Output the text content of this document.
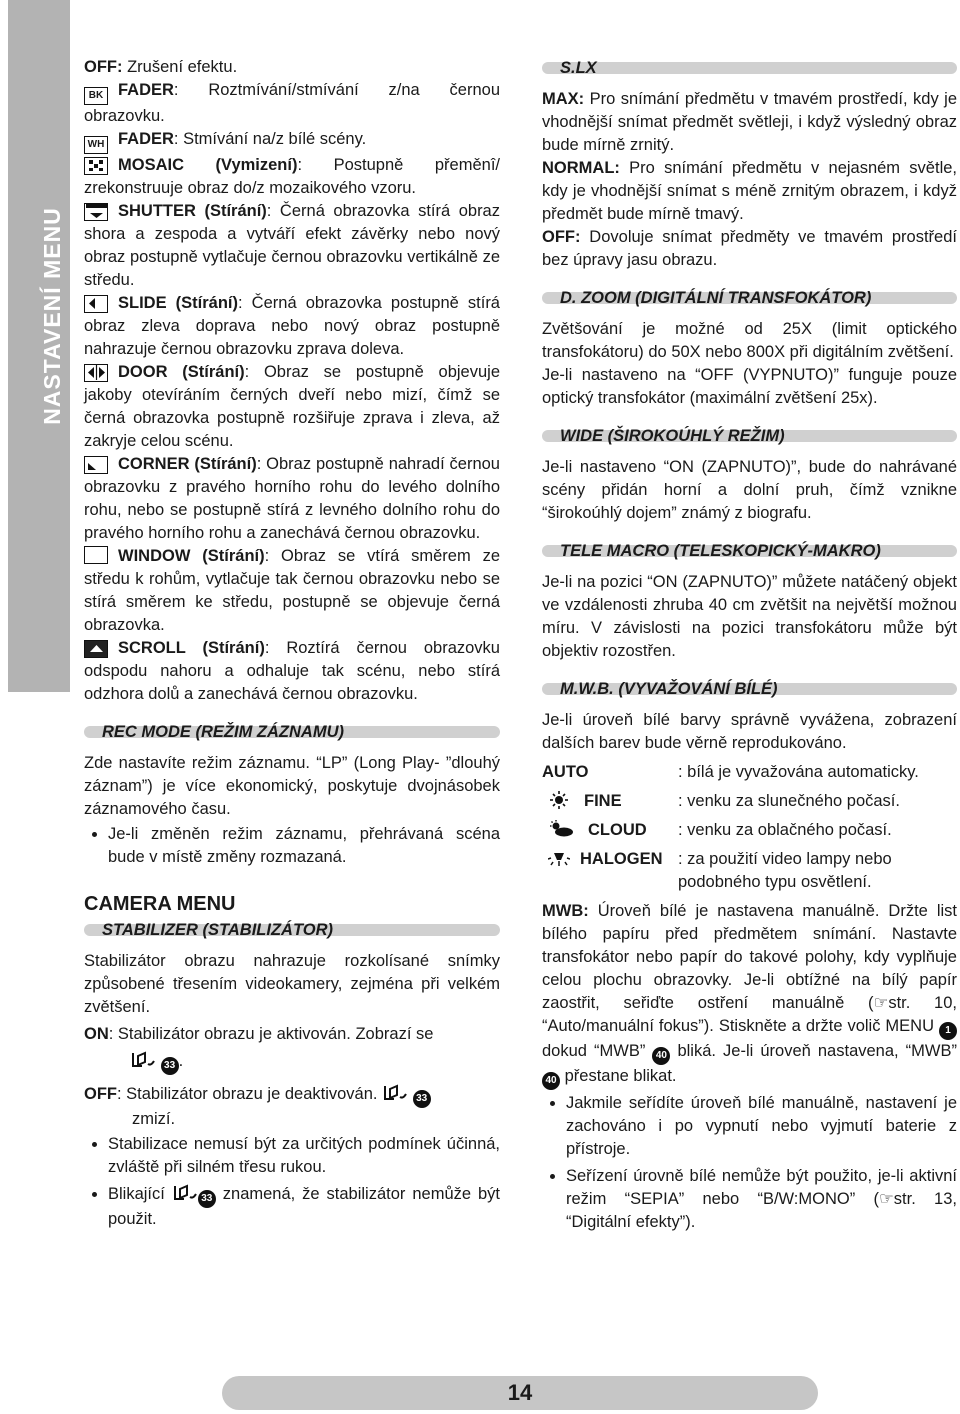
NASTAVENÍ MENU

OFF: Zrušení efektu.

BK FADER: Roztmívání/stmívání z/na černou obrazovku.

WH FADER: Stmívání na/z bílé scény.

MOSAIC (Vymizení): Postupně přeměnî/ zrekonstruuje obraz do/z mozaikového vzoru.

SHUTTER (Stírání): Černá obrazovka stírá obraz shora a zespoda a vytváří efekt závěrky nebo nový obraz postupně vytlačuje černou obrazovku vertikálně ze středu.

SLIDE (Stírání): Černá obrazovka postupně stírá obraz zleva doprava nebo nový obraz postupně nahrazuje černou obrazovku zprava doleva.

DOOR (Stírání): Obraz se postupně objevuje jakoby otevíráním černých dveří nebo mizí, čímž se černá obrazovka postupně rozšiřuje zprava i zleva, až zakryje celou scénu.

CORNER (Stírání): Obraz postupně nahradí černou obrazovku z pravého horního rohu do levého dolního rohu, nebo se postupně stírá z levného dolního rohu do pravého horního rohu a zanechává černou obrazovku.

WINDOW (Stírání): Obraz se vtírá směrem ze středu k rohům, vytlačuje tak černou obrazovku nebo se stírá směrem ke středu, postupně se objevuje černá obrazovka.

SCROLL (Stírání): Roztírá černou obrazovku odspodu nahoru a odhaluje tak scénu, nebo stírá odzhora dolů a zanechává černou obrazovku.

REC MODE (REŽIM ZÁZNAMU)

Zde nastavíte režim záznamu. “LP” (Long Play- ”dlouhý záznam”) je více ekonomický, poskytuje dvojnásobek záznamového času.

• Je-li změněn režim záznamu, přehrávaná scéna bude v místě změny rozmazaná.
CAMERA MENU
STABILIZER (STABILIZÁTOR)

Stabilizátor obrazu nahrazuje rozkolísané snímky způsobené třesením videokamery, zejména při velkém zvětšení.

ON: Stabilizátor obrazu je aktivován. Zobrazí se

33 .

OFF: Stabilizátor obrazu je deaktivován.	33

zmizí.

• Stabilizace nemusí být za určitých podmínek účinná, zvláště při silném třesu rukou.
• Blikající	33 znamená, že stabilizátor nemůže být použit.
S.LX

MAX: Pro snímání předmětu v tmavém prostředí, kdy je vhodnější snímat předmět světleji, i když výsledný obraz bude mírně zrnitý.

NORMAL: Pro snímání předmětu v nejasném světle, kdy je vhodnější snímat s méně zrnitým obrazem, i když předmět bude mírně tmavý.

OFF: Dovoluje snímat předměty ve tmavém prostředí bez úpravy jasu obrazu.

D. ZOOM (DIGITÁLNÍ TRANSFOKÁTOR)

Zvětšování je možné od 25X (limit optického transfokátoru) do 50X nebo 800X při digitálním zvětšení.

Je-li nastaveno na “OFF (VYPNUTO)” funguje pouze optický transfokátor (maximální zvětšení 25x).

WIDE (ŠIROKOÚHLÝ REŽIM)

Je-li nastaveno “ON (ZAPNUTO)”, bude do nahrávané scény přidán horní a dolní pruh, čímž vznikne “širokoúhlý dojem” známý z biografu.

TELE MACRO (TELESKOPICKÝ-MAKRO)

Je-li na pozici “ON (ZAPNUTO)” můžete natáčený objekt ve vzdálenosti zhruba 40 cm zvětšit na největší možnou míru. V závislosti na pozici transfokátoru může být objektiv rozostřen.

M.W.B. (VYVAŽOVÁNÍ BÍLÉ)

Je-li úroveň bílé barvy správně vyvážena, zobrazení dalších barev bude věrně reprodukováno.

AUTO	: bílá je vyvažována automaticky.
FINE	: venku za slunečného počasí.
CLOUD	: venku za oblačného počasí.
HALOGEN : za použití video lampy nebo podobného typu osvětlení.

MWB: Úroveň bílé je nastavena manuálně. Držte list bílého papíru před předmětem snímání. Nastavte transfokátor nebo papír do takové polohy, kdy vyplňuje celou plochu obrazovky. Je-li obtížné na bílý papír zaostřit, seřiďte ostření manuálně (☞str. 10, “Auto/manuální fokus”). Stiskněte a držte volič MENU 1 dokud “MWB” 40 bliká. Je-li úroveň nastavena, “MWB” 40 přestane blikat.

• Jakmile seřídíte úroveň bílé manuálně, nastavení je zachováno i po vypnutí nebo vyjmutí baterie z přístroje.
• Seřízení úrovně bílé nemůže být použito, je-li aktivní režim “SEPIA” nebo “B/W:MONO” (☞str. 13, “Digitální efekty”).
14
